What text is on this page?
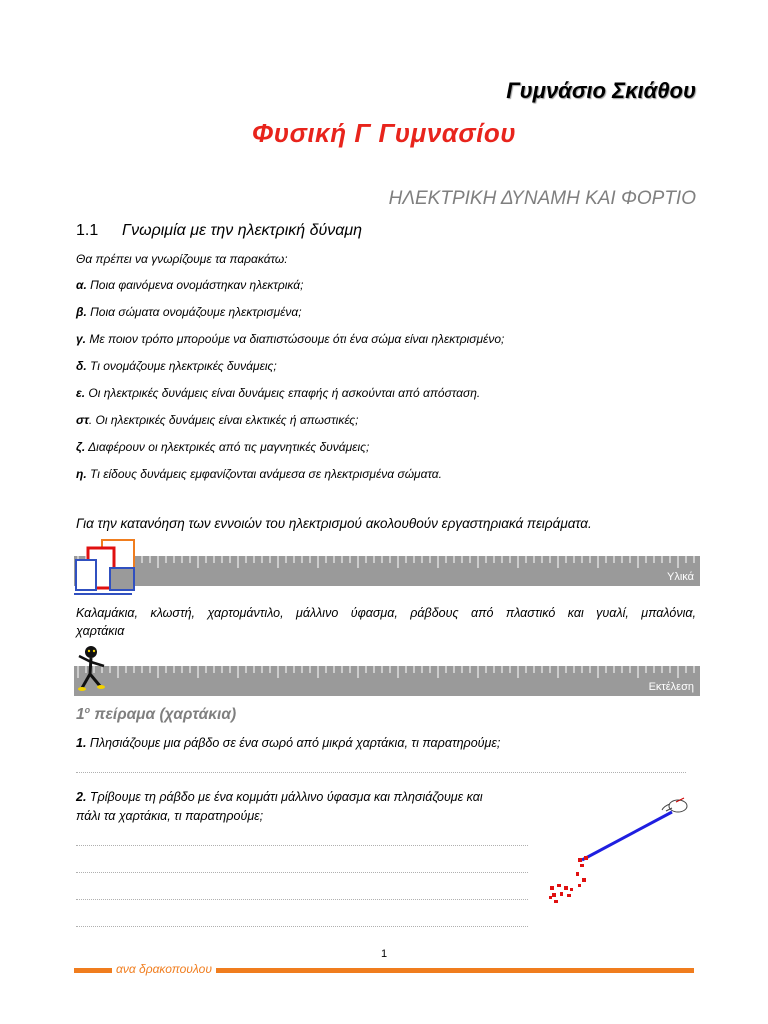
Γυμνάσιο Σκιάθου
Φυσική Γ Γυμνασίου
ΗΛΕΚΤΡΙΚΗ ΔΥΝΑΜΗ ΚΑΙ ΦΟΡΤΙΟ
1.1 Γνωριμία με την ηλεκτρική δύναμη
Θα πρέπει να γνωρίζουμε τα παρακάτω:
α. Ποια φαινόμενα ονομάστηκαν ηλεκτρικά;
β. Ποια σώματα ονομάζουμε ηλεκτρισμένα;
γ. Με ποιον τρόπο μπορούμε να διαπιστώσουμε ότι ένα σώμα είναι ηλεκτρισμένο;
δ. Τι ονομάζουμε ηλεκτρικές δυνάμεις;
ε. Οι ηλεκτρικές δυνάμεις είναι δυνάμεις επαφής ή ασκούνται από απόσταση.
στ. Οι ηλεκτρικές δυνάμεις είναι ελκτικές ή απωστικές;
ζ. Διαφέρουν οι ηλεκτρικές από τις μαγνητικές δυνάμεις;
η. Τι είδους δυνάμεις εμφανίζονται ανάμεσα σε ηλεκτρισμένα σώματα.
Για την κατανόηση των εννοιών του ηλεκτρισμού ακολουθούν εργαστηριακά πειράματα.
Υλικά
Καλαμάκια, κλωστή, χαρτομάντιλο, μάλλινο ύφασμα, ράβδους από πλαστικό και γυαλί, μπαλόνια,
χαρτάκια
Εκτέλεση
$1^o$ πείραμα (χαρτάκια)
1. Πλησιάζουμε μια ράβδο σε ένα σωρό από μικρά χαρτάκια, τι παρατηρούμε;
2. Τρίβουμε τη ράβδο με ένα κομμάτι μάλλινο ύφασμα και πλησιάζουμε και
πάλι τα χαρτάκια, τι παρατηρούμε;
1
ανα δρακοπουλου
